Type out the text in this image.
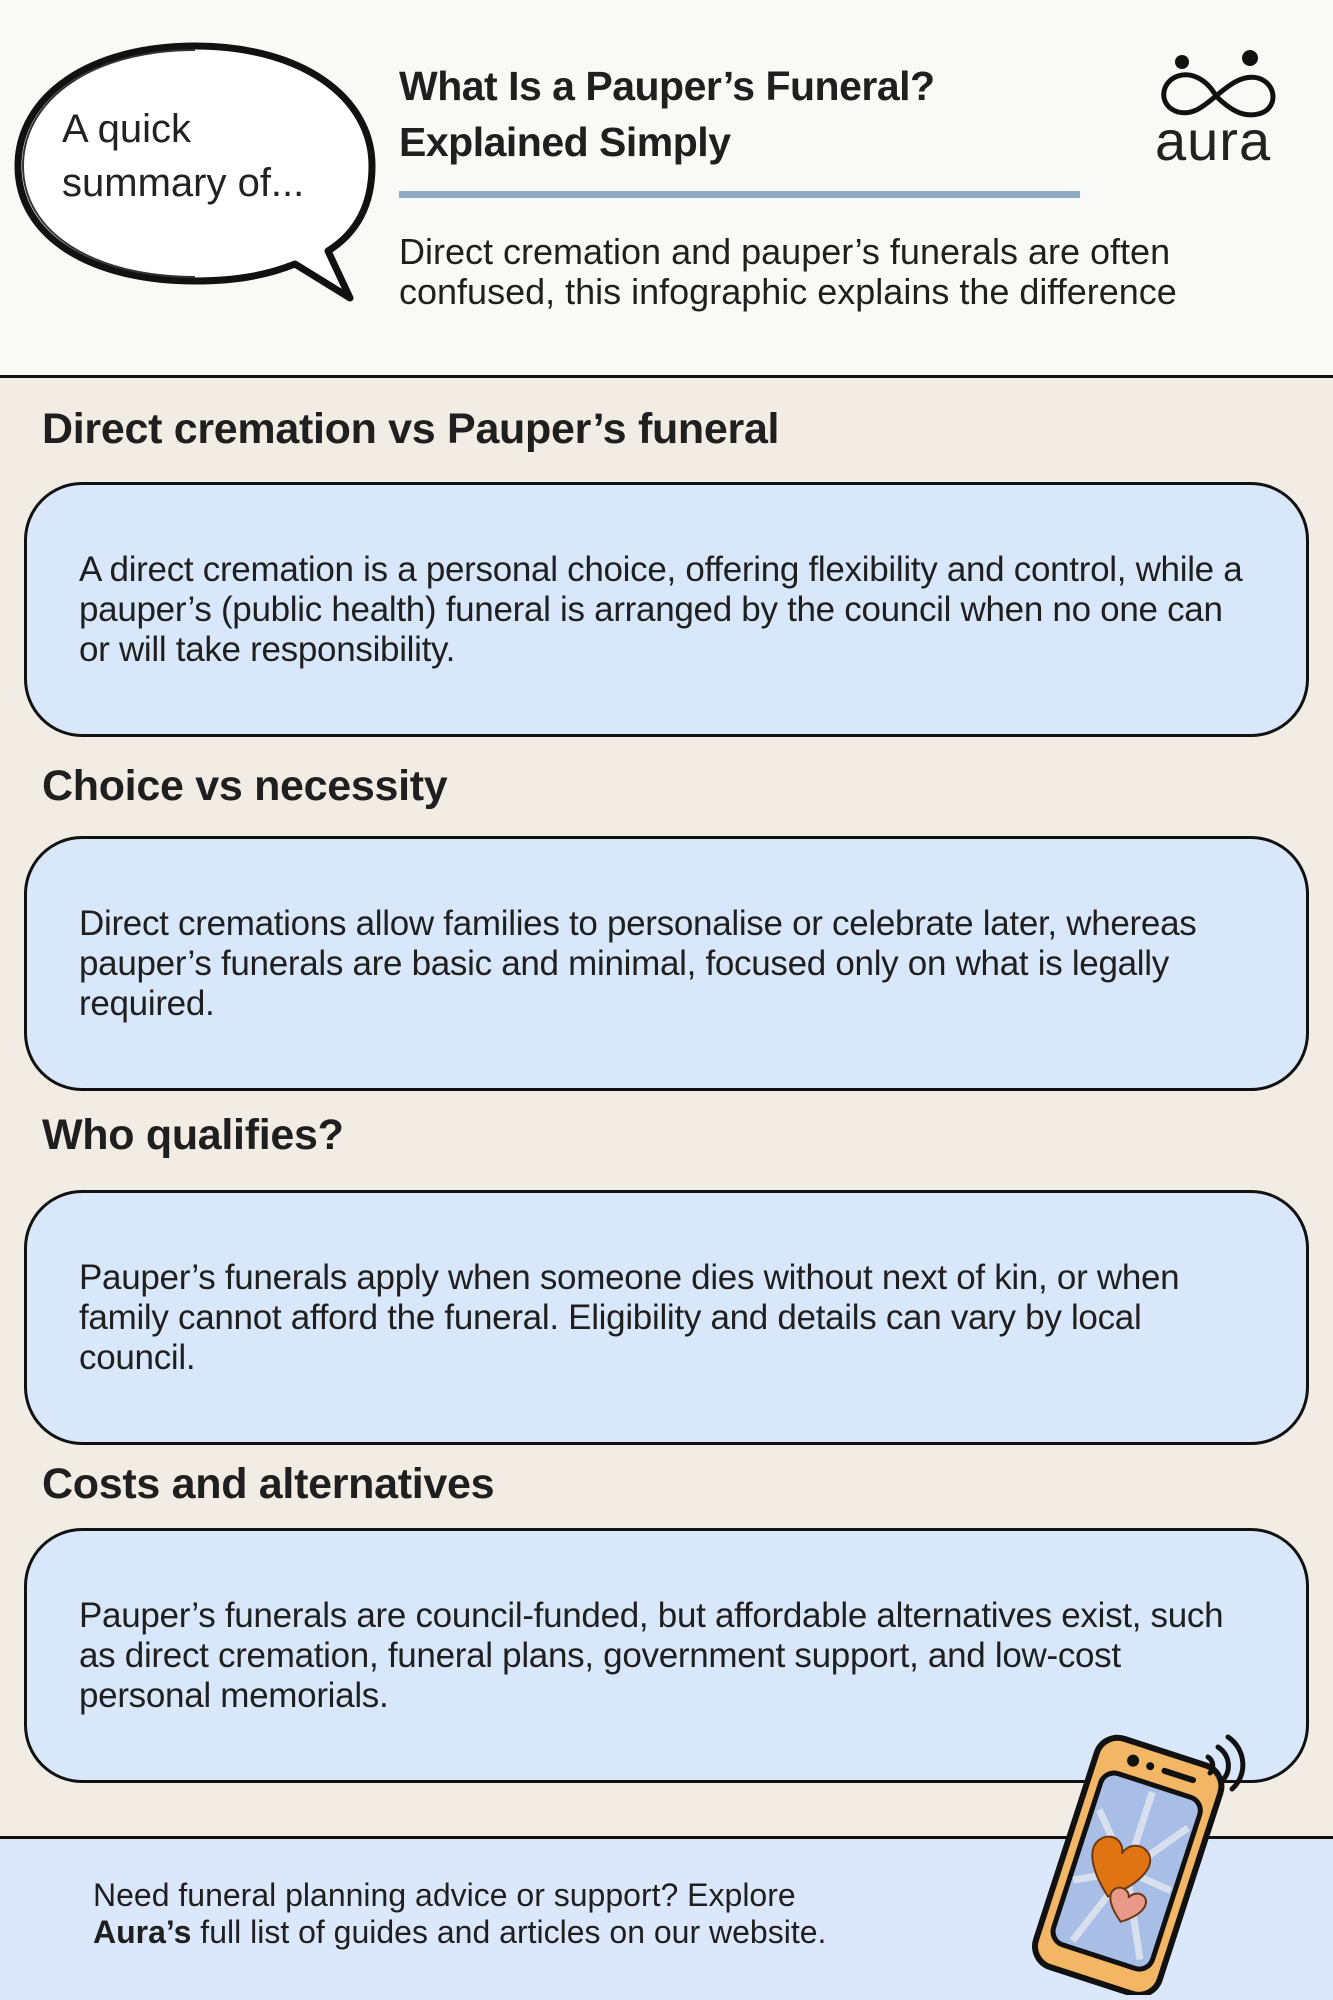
A quick
summary of...
What Is a Pauper’s Funeral?
Explained Simply
Direct cremation and pauper’s funerals are often confused, this infographic explains the difference
aura
Direct cremation vs Pauper’s funeral

A direct cremation is a personal choice, offering flexibility and control, while a pauper’s (public health) funeral is arranged by the council when no one can or will take responsibility.

Choice vs necessity

Direct cremations allow families to personalise or celebrate later, whereas pauper’s funerals are basic and minimal, focused only on what is legally required.

Who qualifies?

Pauper’s funerals apply when someone dies without next of kin, or when family cannot afford the funeral. Eligibility and details can vary by local council.

Costs and alternatives

Pauper’s funerals are council-funded, but affordable alternatives exist, such as direct cremation, funeral plans, government support, and low-cost personal memorials.

Need funeral planning advice or support? Explore
Aura’s full list of guides and articles on our website.
